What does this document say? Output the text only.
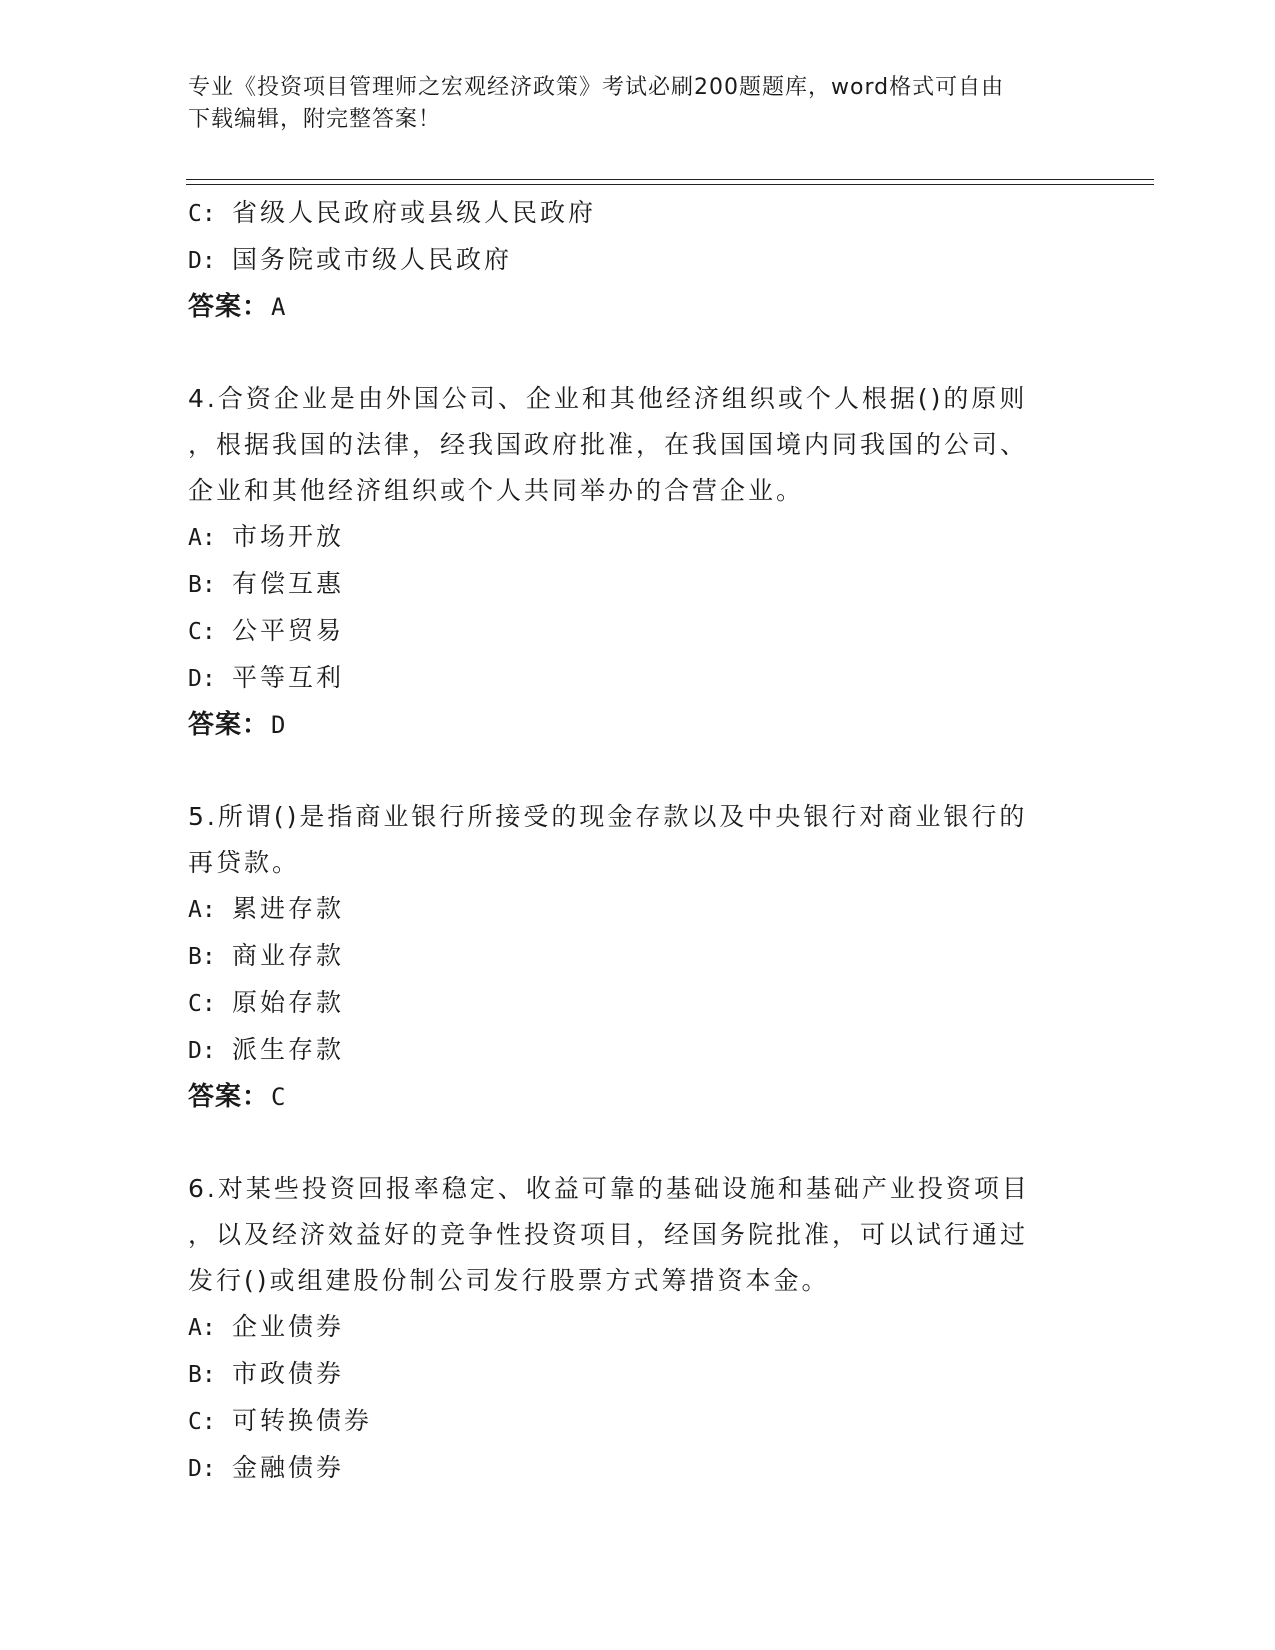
专业《投资项目管理师之宏观经济政策》考试必刷200题题库，word格式可自由
下载编辑，附完整答案！
C: 省级人民政府或县级人民政府
D: 国务院或市级人民政府
答案：A
4.合资企业是由外国公司、企业和其他经济组织或个人根据()的原则
，根据我国的法律，经我国政府批准，在我国国境内同我国的公司、
企业和其他经济组织或个人共同举办的合营企业。
A: 市场开放
B: 有偿互惠
C: 公平贸易
D: 平等互利
答案：D
5.所谓()是指商业银行所接受的现金存款以及中央银行对商业银行的
再贷款。
A: 累进存款
B: 商业存款
C: 原始存款
D: 派生存款
答案：C
6.对某些投资回报率稳定、收益可靠的基础设施和基础产业投资项目
，以及经济效益好的竞争性投资项目，经国务院批准，可以试行通过
发行()或组建股份制公司发行股票方式筹措资本金。
A: 企业债券
B: 市政债券
C: 可转换债券
D: 金融债券
